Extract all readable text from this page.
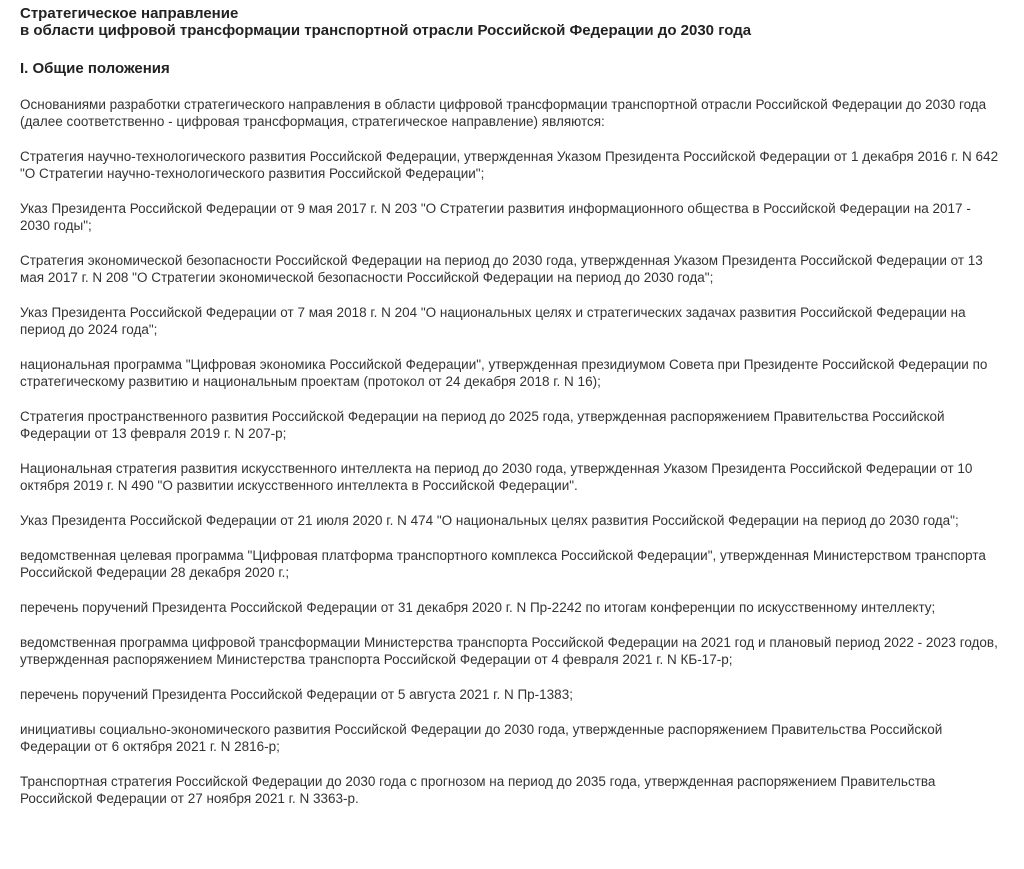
Стратегическое направление
в области цифровой трансформации транспортной отрасли Российской Федерации до 2030 года
I. Общие положения

Основаниями разработки стратегического направления в области цифровой трансформации транспортной отрасли Российской Федерации до 2030 года (далее соответственно - цифровая трансформация, стратегическое направление) являются:

Стратегия научно-технологического развития Российской Федерации, утвержденная Указом Президента Российской Федерации от 1 декабря 2016 г. N 642 "О Стратегии научно-технологического развития Российской Федерации";
Указ Президента Российской Федерации от 9 мая 2017 г. N 203 "О Стратегии развития информационного общества в Российской Федерации на 2017 - 2030 годы";
Стратегия экономической безопасности Российской Федерации на период до 2030 года, утвержденная Указом Президента Российской Федерации от 13 мая 2017 г. N 208 "О Стратегии экономической безопасности Российской Федерации на период до 2030 года";
Указ Президента Российской Федерации от 7 мая 2018 г. N 204 "О национальных целях и стратегических задачах развития Российской Федерации на период до 2024 года";
национальная программа "Цифровая экономика Российской Федерации", утвержденная президиумом Совета при Президенте Российской Федерации по стратегическому развитию и национальным проектам (протокол от 24 декабря 2018 г. N 16);
Стратегия пространственного развития Российской Федерации на период до 2025 года, утвержденная распоряжением Правительства Российской Федерации от 13 февраля 2019 г. N 207-р;
Национальная стратегия развития искусственного интеллекта на период до 2030 года, утвержденная Указом Президента Российской Федерации от 10 октября 2019 г. N 490 "О развитии искусственного интеллекта в Российской Федерации".
Указ Президента Российской Федерации от 21 июля 2020 г. N 474 "О национальных целях развития Российской Федерации на период до 2030 года";
ведомственная целевая программа "Цифровая платформа транспортного комплекса Российской Федерации", утвержденная Министерством транспорта Российской Федерации 28 декабря 2020 г.;
перечень поручений Президента Российской Федерации от 31 декабря 2020 г. N Пр-2242 по итогам конференции по искусственному интеллекту;
ведомственная программа цифровой трансформации Министерства транспорта Российской Федерации на 2021 год и плановый период 2022 - 2023 годов, утвержденная распоряжением Министерства транспорта Российской Федерации от 4 февраля 2021 г. N КБ-17-р;
перечень поручений Президента Российской Федерации от 5 августа 2021 г. N Пр-1383;
инициативы социально-экономического развития Российской Федерации до 2030 года, утвержденные распоряжением Правительства Российской Федерации от 6 октября 2021 г. N 2816-р;
Транспортная стратегия Российской Федерации до 2030 года с прогнозом на период до 2035 года, утвержденная распоряжением Правительства Российской Федерации от 27 ноября 2021 г. N 3363-р.
